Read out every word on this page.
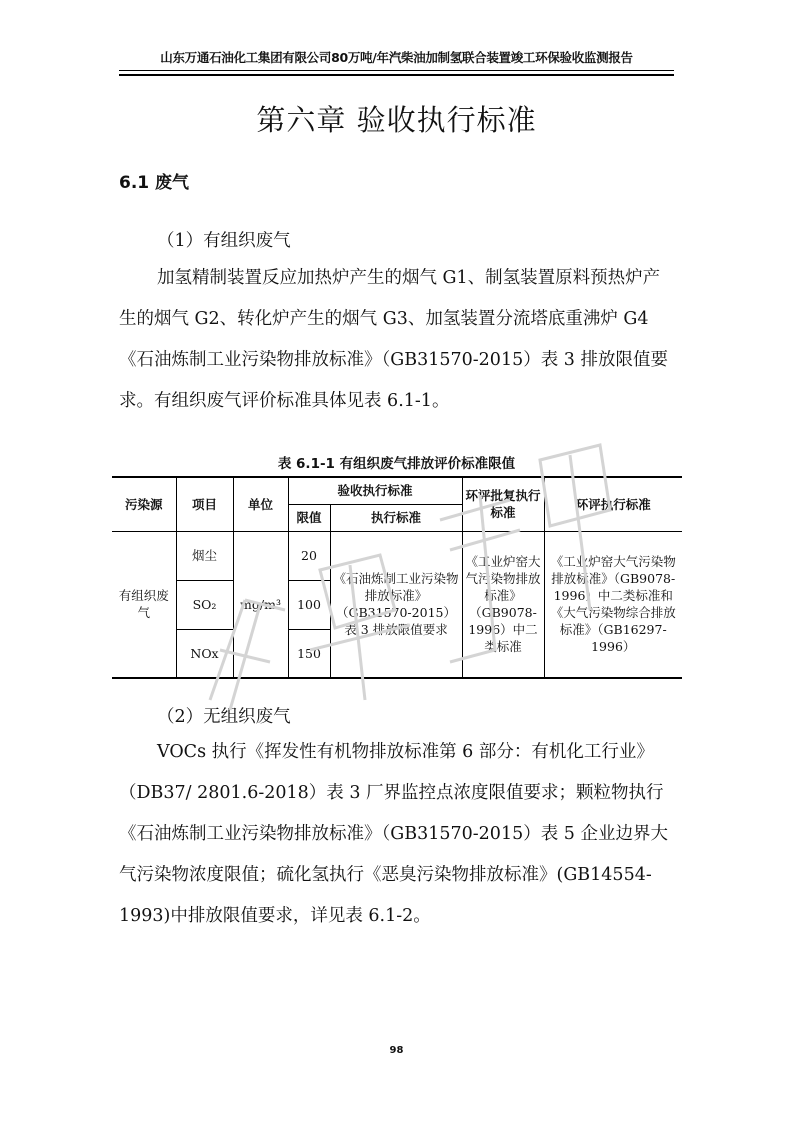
山东万通石油化工集团有限公司80万吨/年汽柴油加制氢联合装置竣工环保验收监测报告
第六章 验收执行标准
6.1 废气
（1）有组织废气
加氢精制装置反应加热炉产生的烟气 G1、制氢装置原料预热炉产生的烟气 G2、转化炉产生的烟气 G3、加氢装置分流塔底重沸炉 G4《石油炼制工业污染物排放标准》（GB31570-2015）表 3 排放限值要求。有组织废气评价标准具体见表 6.1-1。
表 6.1-1 有组织废气排放评价标准限值
污染源	项目	单位	验收执行标准		环评批复执行标准	环评执行标准
			限值	执行标准		
有组织废气	烟尘	mg/m³	20	《石油炼制工业污染物排放标准》（GB31570-2015）表 3 排放限值要求	《工业炉窑大气污染物排放标准》（GB9078-1996）中二类标准	《工业炉窑大气污染物排放标准》（GB9078-1996）中二类标准和《大气污染物综合排放标准》（GB16297-1996）
	SO₂		100			
	NOx		150			
（2）无组织废气
VOCs 执行《挥发性有机物排放标准第 6 部分：有机化工行业》（DB37/ 2801.6-2018）表 3 厂界监控点浓度限值要求；颗粒物执行《石油炼制工业污染物排放标准》（GB31570-2015）表 5 企业边界大气污染物浓度限值；硫化氢执行《恶臭污染物排放标准》(GB14554-1993)中排放限值要求，详见表 6.1-2。
98
